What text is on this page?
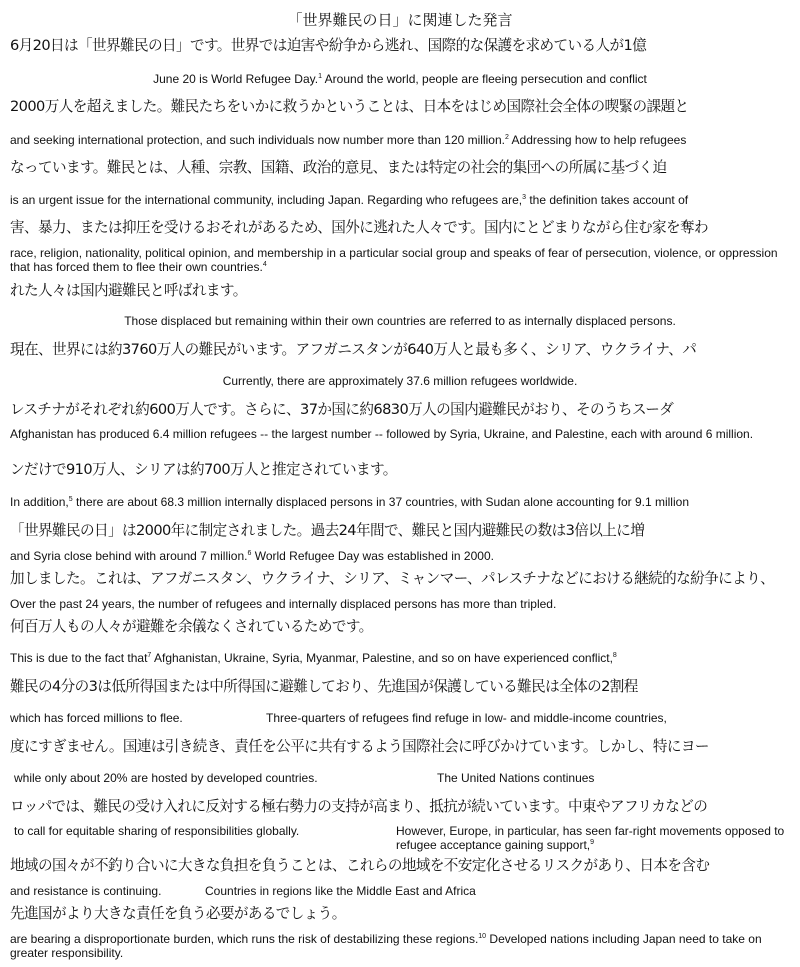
「世界難民の日」に関連した発言
6月20日は「世界難民の日」です。世界では迫害や紛争から逃れ、国際的な保護を求めている人が1億
June 20 is World Refugee Day.$^1$ Around the world, people are fleeing persecution and conflict
2000万人を超えました。難民たちをいかに救うかということは、日本をはじめ国際社会全体の喫緊の課題と
and seeking international protection, and such individuals now number more than 120 million.$^2$ Addressing how to help refugees
なっています。難民とは、人種、宗教、国籍、政治的意見、または特定の社会的集団への所属に基づく迫
is an urgent issue for the international community, including Japan. Regarding who refugees are,$^3$ the definition takes account of
害、暴力、または抑圧を受けるおそれがあるため、国外に逃れた人々です。国内にとどまりながら住む家を奪わ
race, religion, nationality, political opinion, and membership in a particular social group and speaks of fear of persecution, violence, or oppression that has forced them to flee their own countries.$^4$
れた人々は国内避難民と呼ばれます。
Those displaced but remaining within their own countries are referred to as internally displaced persons.
現在、世界には約3760万人の難民がいます。アフガニスタンが640万人と最も多く、シリア、ウクライナ、パ
Currently, there are approximately 37.6 million refugees worldwide.
レスチナがそれぞれ約600万人です。さらに、37か国に約6830万人の国内避難民がおり、そのうちスーダ
Afghanistan has produced 6.4 million refugees -- the largest number -- followed by Syria, Ukraine, and Palestine, each with around 6 million.
ンだけで910万人、シリアは約700万人と推定されています。
In addition,$^5$ there are about 68.3 million internally displaced persons in 37 countries, with Sudan alone accounting for 9.1 million
「世界難民の日」は2000年に制定されました。過去24年間で、難民と国内避難民の数は3倍以上に増
and Syria close behind with around 7 million.$^6$ World Refugee Day was established in 2000.
加しました。これは、アフガニスタン、ウクライナ、シリア、ミャンマー、パレスチナなどにおける継続的な紛争により、
Over the past 24 years, the number of refugees and internally displaced persons has more than tripled.
何百万人もの人々が避難を余儀なくされているためです。
This is due to the fact that$^7$ Afghanistan, Ukraine, Syria, Myanmar, Palestine, and so on have experienced conflict,$^8$
難民の4分の3は低所得国または中所得国に避難しており、先進国が保護している難民は全体の2割程
which has forced millions to flee.	Three-quarters of refugees find refuge in low- and middle-income countries,
度にすぎません。国連は引き続き、責任を公平に共有するよう国際社会に呼びかけています。しかし、特にヨー
while only about 20% are hosted by developed countries.	The United Nations continues
ロッパでは、難民の受け入れに反対する極右勢力の支持が高まり、抵抗が続いています。中東やアフリカなどの
to call for equitable sharing of responsibilities globally.	However, Europe, in particular, has seen far-right movements opposed to refugee acceptance gaining support,$^9$
地域の国々が不釣り合いに大きな負担を負うことは、これらの地域を不安定化させるリスクがあり、日本を含む
and resistance is continuing.	Countries in regions like the Middle East and Africa
先進国がより大きな責任を負う必要があるでしょう。
are bearing a disproportionate burden, which runs the risk of destabilizing these regions.$^{10}$ Developed nations including Japan need to take on greater responsibility.
